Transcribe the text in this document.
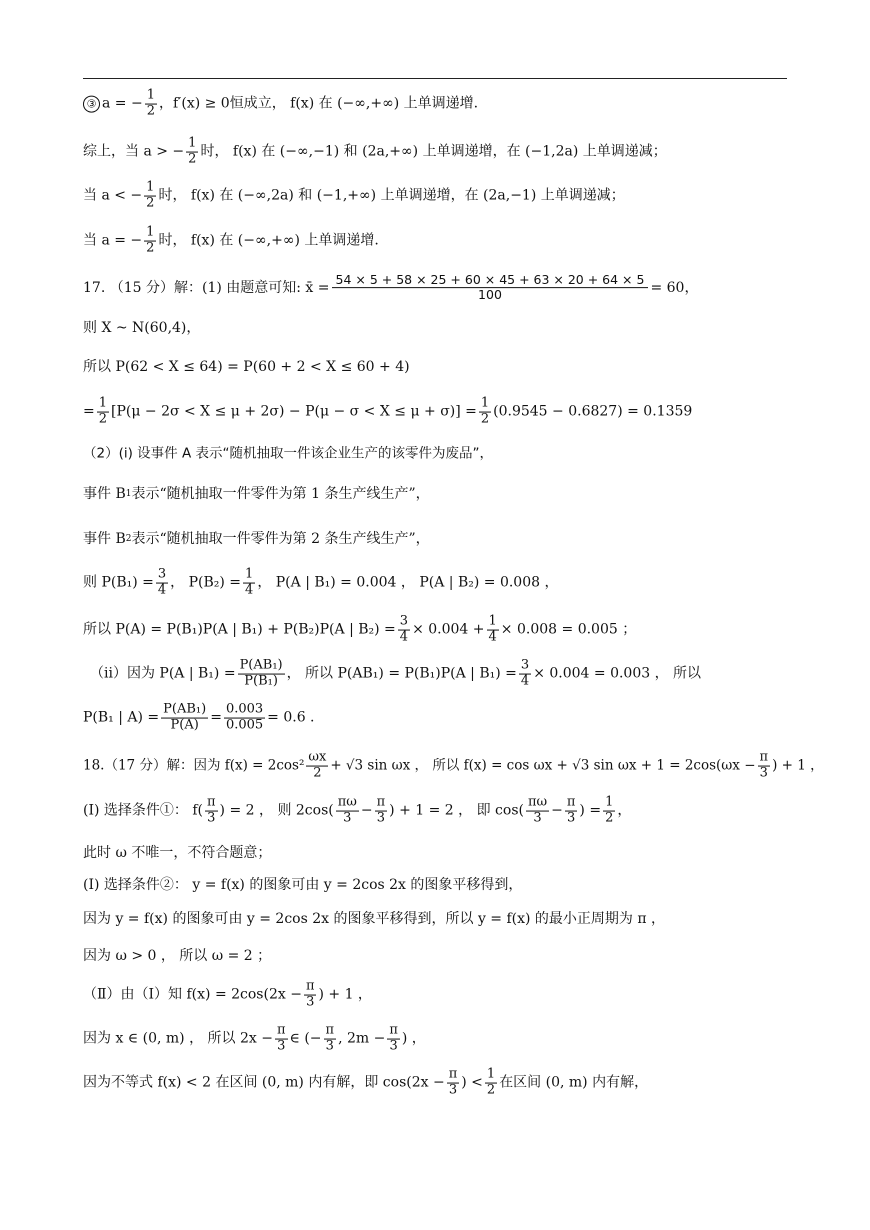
③ a = − $\frac{1}{2}$ ，f′(x) ≥ 0恒成立， f(x) 在 (−∞,+∞) 上单调递增.
综上，当 a > − $\frac{1}{2}$ 时， f(x) 在 (−∞,−1) 和 (2a,+∞) 上单调递增，在 (−1,2a) 上单调递减；
当 a < − $\frac{1}{2}$ 时， f(x) 在 (−∞,2a) 和 (−1,+∞) 上单调递增，在 (2a,−1) 上单调递减；
当 a = − $\frac{1}{2}$ 时， f(x) 在 (−∞,+∞) 上单调递增.
17. （15 分）解：(1) 由题意可知: x̄ = $\frac{54 \times 5 + 58 \times 25 + 60 \times 45 + 63 \times 20 + 64 \times 5}{100} = 60$，
则 X ~ N(60,4)，
所以 P(62 < X ≤ 64) = P(60 + 2 < X ≤ 60 + 4)
= $\frac{1}{2} [P(\mu - 2\sigma < X \le \mu + 2\sigma) - P(\mu - \sigma < X \le \mu + \sigma)] = \frac{1}{2} (0.9545 - 0.6827) = 0.1359$
（2）(i) 设事件 A 表示“随机抽取一件该企业生产的该零件为废品”，
事件 B 1 表示“随机抽取一件零件为第 1 条生产线生产”，
事件 B 2 表示“随机抽取一件零件为第 2 条生产线生产”，
则 $P(B_1) = \frac{3}{4}$ ， $P(B_2) = \frac{1}{4}$ ， P(A | B₁) = 0.004 ， P(A | B₂) = 0.008 ，
所以 P(A) = P(B₁)P(A | B₁) + P(B₂)P(A | $B_2) = \frac{3}{4} \times 0.004 + \frac{1}{4} \times 0.008 = 0.005$ ；
（ii）因为 P(A | $B_1) = \frac{\text{P(AB₁)}}{\text{P(B₁)}}$ ， 所以 P(AB₁) = P(B₁)P(A | $B_1) = \frac{3}{4} \times 0.004 = 0.003$ ， 所以
P(B₁ | $A) = \frac{\text{P(AB₁)}}{P(A)} = \frac{0.003}{0.005} = 0.6$ .
18.（17 分）解：因为 f(x) = 2cos²
ωx
2 + √3 sin ωx ， 所以 f(x) = cos ωx + √3 $\sin \omega x + 1 = 2\cos(\omega x - \frac{\pi}{3}$ ) + 1 ，
(I) 选择条件①： f(
π
3 ) = 2 ， 则 2cos(
πω
$3 - \frac{\pi}{3}$ ) + 1 = 2 ， 即 cos(
πω
$3 - \frac{\pi}{3}$ ) = $\frac{1}{2}$ ，
此时 ω 不唯一，不符合题意；
(I) 选择条件②： y = f(x) 的图象可由 y = 2cos 2x 的图象平移得到，
因为 y = f(x) 的图象可由 y = 2cos 2x 的图象平移得到，所以 y = f(x) 的最小正周期为 π ，
因为 ω > 0 ， 所以 ω = 2 ；
（Ⅱ）由（Ⅰ）知 $f(x) = 2\cos(2x - \frac{\pi}{3}$ ) + 1 ，
因为 x ∈ (0, m) ， 所以 $2x - \frac{\pi}{3}$ ∈ (− $\frac{\pi}{3}$ , $2m - \frac{\pi}{3}$ ) ，
因为不等式 f(x) < 2 在区间 (0, m) 内有解，即 $\cos(2x - \frac{\pi}{3}$ ) <
1
2 在区间 (0, m) 内有解，
